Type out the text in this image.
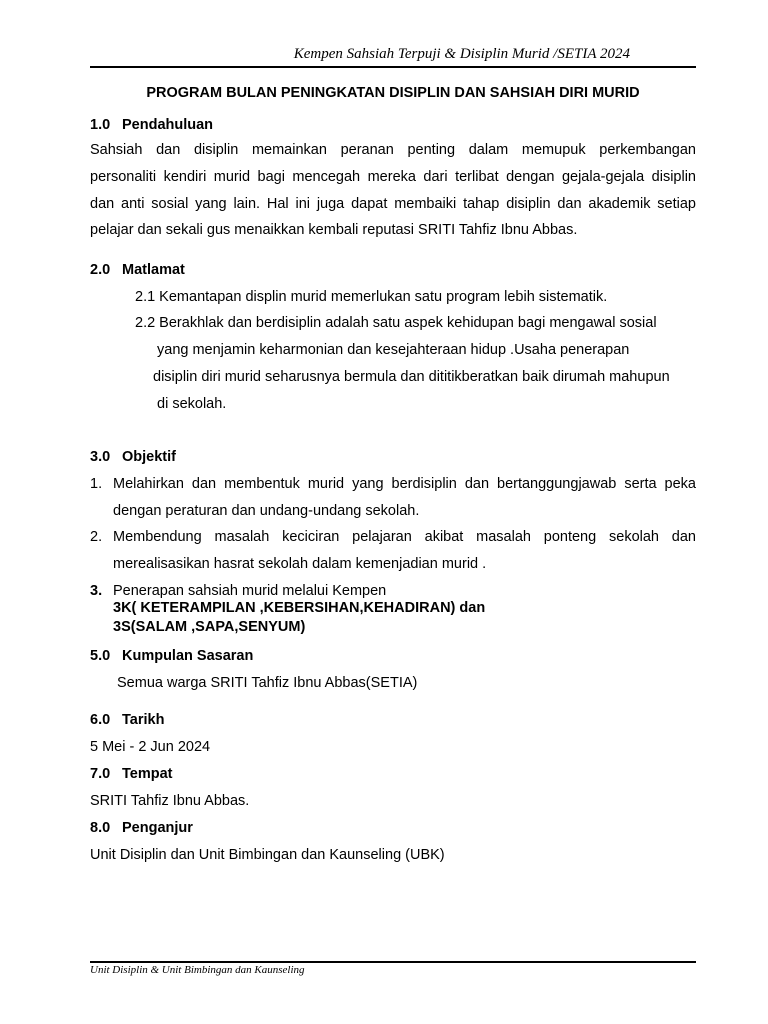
Kempen Sahsiah Terpuji & Disiplin Murid /SETIA 2024
PROGRAM BULAN PENINGKATAN DISIPLIN DAN SAHSIAH DIRI MURID
1.0 Pendahuluan
Sahsiah dan disiplin memainkan peranan penting dalam memupuk perkembangan
personaliti kendiri murid bagi mencegah mereka dari terlibat dengan gejala-gejala disiplin
dan anti sosial yang lain. Hal ini juga dapat membaiki tahap disiplin dan akademik setiap
pelajar dan sekali gus menaikkan kembali reputasi SRITI Tahfiz Ibnu Abbas.
2.0 Matlamat
2.1 Kemantapan displin murid memerlukan satu program lebih sistematik.
2.2 Berakhlak dan berdisiplin adalah satu aspek kehidupan bagi mengawal sosial
yang menjamin keharmonian dan kesejahteraan hidup .Usaha penerapan
disiplin diri murid seharusnya bermula dan dititikberatkan baik dirumah mahupun
di sekolah.
3.0 Objektif
1. Melahirkan dan membentuk murid yang berdisiplin dan bertanggungjawab serta peka
dengan peraturan dan undang-undang sekolah.
2. Membendung masalah keciciran pelajaran akibat masalah ponteng sekolah dan
merealisasikan hasrat sekolah dalam kemenjadian murid .
3. Penerapan sahsiah murid melalui Kempen
3K( KETERAMPILAN ,KEBERSIHAN,KEHADIRAN) dan
3S(SALAM ,SAPA,SENYUM)
5.0 Kumpulan Sasaran
Semua warga SRITI Tahfiz Ibnu Abbas(SETIA)
6.0 Tarikh
5 Mei - 2 Jun 2024
7.0 Tempat
SRITI Tahfiz Ibnu Abbas.
8.0 Penganjur
Unit Disiplin dan Unit Bimbingan dan Kaunseling (UBK)
Unit Disiplin & Unit Bimbingan dan Kaunseling
